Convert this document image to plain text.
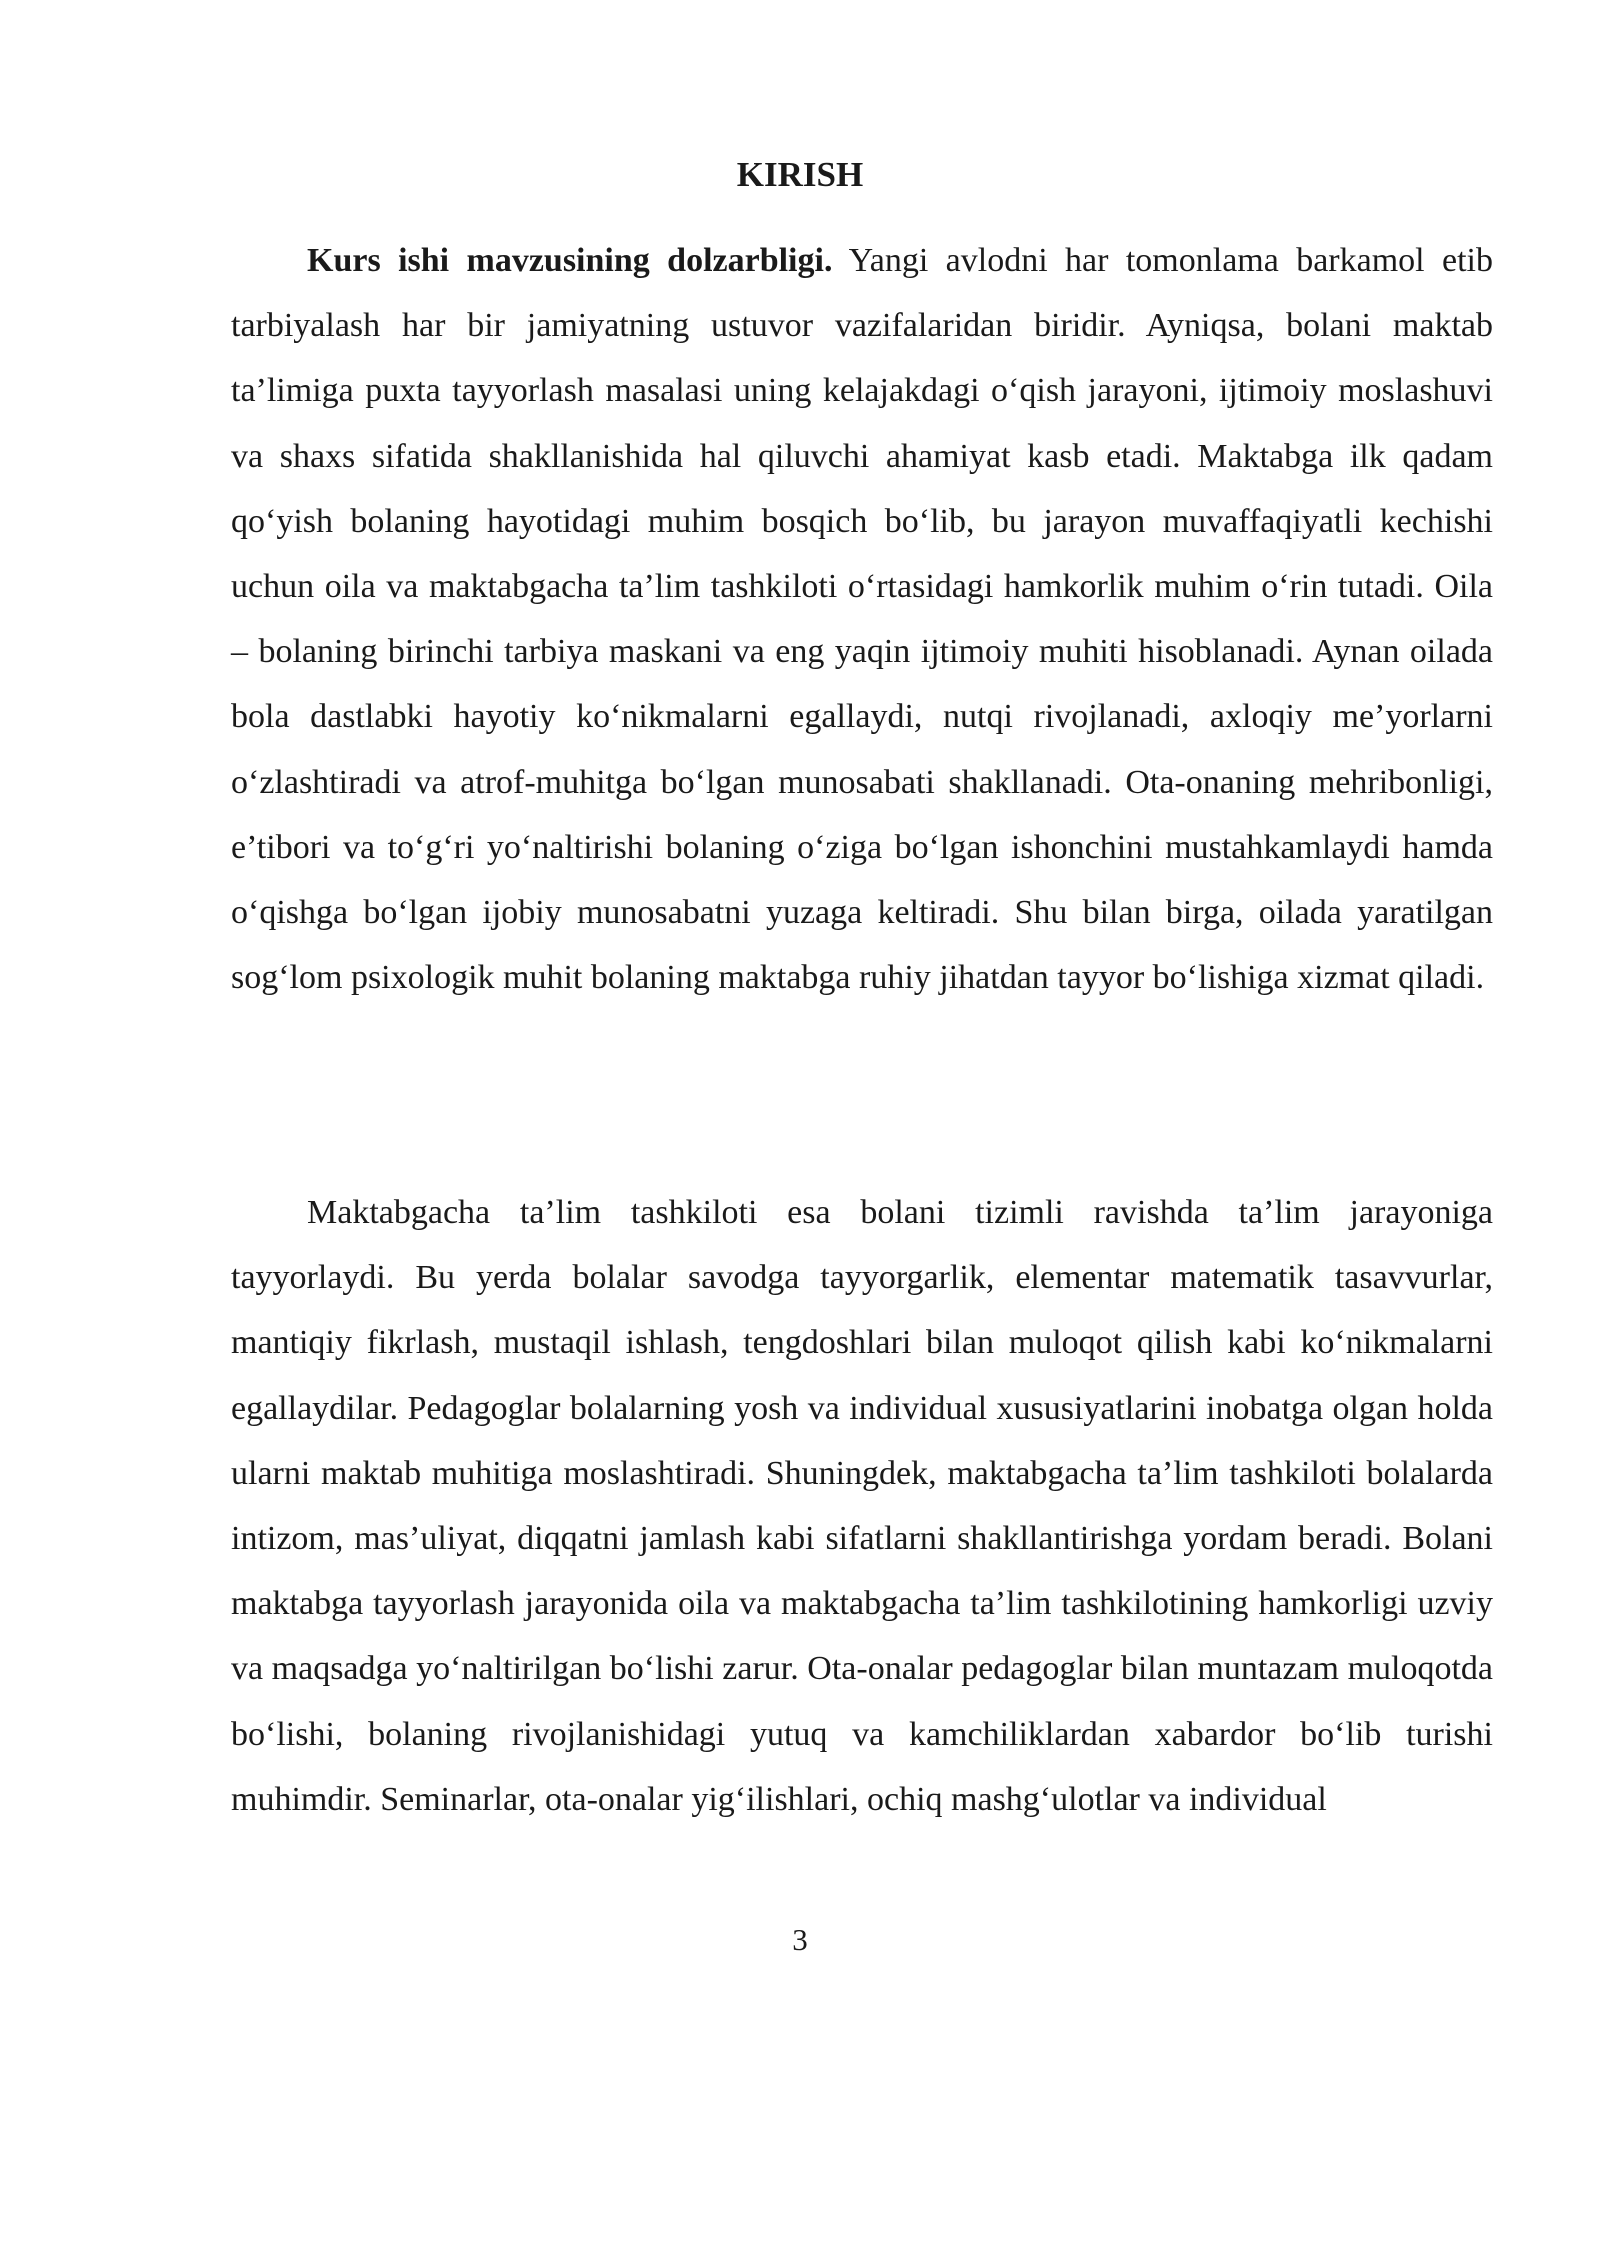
KIRISH

Kurs ishi mavzusining dolzarbligi. Yangi avlodni har tomonlama barkamol etib tarbiyalash har bir jamiyatning ustuvor vazifalaridan biridir. Ayniqsa, bolani maktab ta’limiga puxta tayyorlash masalasi uning kelajakdagi o‘qish jarayoni, ijtimoiy moslashuvi va shaxs sifatida shakllanishida hal qiluvchi ahamiyat kasb etadi. Maktabga ilk qadam qo‘yish bolaning hayotidagi muhim bosqich bo‘lib, bu jarayon muvaffaqiyatli kechishi uchun oila va maktabgacha ta’lim tashkiloti o‘rtasidagi hamkorlik muhim o‘rin tutadi. Oila – bolaning birinchi tarbiya maskani va eng yaqin ijtimoiy muhiti hisoblanadi. Aynan oilada bola dastlabki hayotiy ko‘nikmalarni egallaydi, nutqi rivojlanadi, axloqiy me’yorlarni o‘zlashtiradi va atrof-muhitga bo‘lgan munosabati shakllanadi. Ota-onaning mehribonligi, e’tibori va to‘g‘ri yo‘naltirishi bolaning o‘ziga bo‘lgan ishonchini mustahkamlaydi hamda o‘qishga bo‘lgan ijobiy munosabatni yuzaga keltiradi. Shu bilan birga, oilada yaratilgan sog‘lom psixologik muhit bolaning maktabga ruhiy jihatdan tayyor bo‘lishiga xizmat qiladi.

Maktabgacha ta’lim tashkiloti esa bolani tizimli ravishda ta’lim jarayoniga tayyorlaydi. Bu yerda bolalar savodga tayyorgarlik, elementar matematik tasavvurlar, mantiqiy fikrlash, mustaqil ishlash, tengdoshlari bilan muloqot qilish kabi ko‘nikmalarni egallaydilar. Pedagoglar bolalarning yosh va individual xususiyatlarini inobatga olgan holda ularni maktab muhitiga moslashtiradi. Shuningdek, maktabgacha ta’lim tashkiloti bolalarda intizom, mas’uliyat, diqqatni jamlash kabi sifatlarni shakllantirishga yordam beradi. Bolani maktabga tayyorlash jarayonida oila va maktabgacha ta’lim tashkilotining hamkorligi uzviy va maqsadga yo‘naltirilgan bo‘lishi zarur. Ota-onalar pedagoglar bilan muntazam muloqotda bo‘lishi, bolaning rivojlanishidagi yutuq va kamchiliklardan xabardor bo‘lib turishi muhimdir. Seminarlar, ota-onalar yig‘ilishlari, ochiq mashg‘ulotlar va individual

3
